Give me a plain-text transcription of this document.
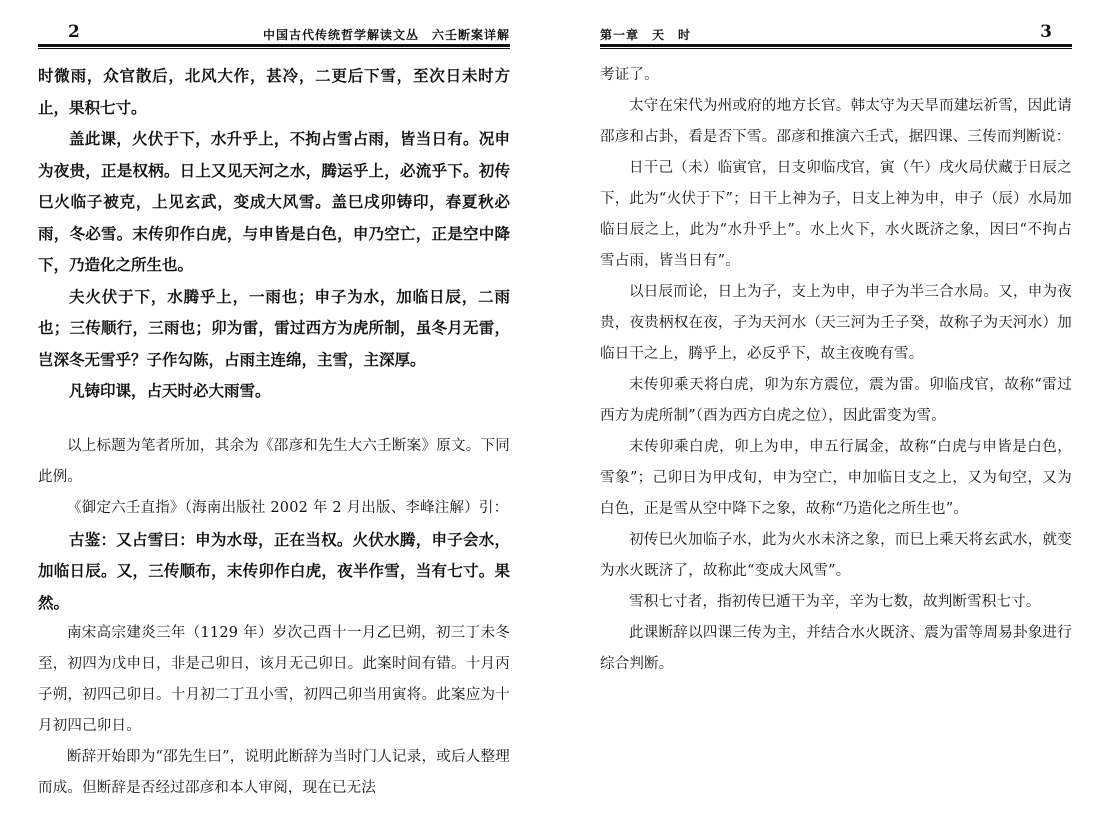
2	中国古代传统哲学解读文丛　六壬断案详解

时微雨，众官散后，北风大作，甚冷，二更后下雪，至次日未时方止，果积七寸。

盖此课，火伏于下，水升乎上，不拘占雪占雨，皆当日有。况申为夜贵，正是权柄。日上又见天河之水，腾运乎上，必流乎下。初传巳火临子被克，上见玄武，变成大风雪。盖巳戌卯铸印，春夏秋必雨，冬必雪。末传卯作白虎，与申皆是白色，申乃空亡，正是空中降下，乃造化之所生也。

夫火伏于下，水腾乎上，一雨也；申子为水，加临日辰，二雨也；三传顺行，三雨也；卯为雷，雷过西方为虎所制，虽冬月无雷，岂深冬无雪乎？子作勾陈，占雨主连绵，主雪，主深厚。

凡铸印课，占天时必大雨雪。

以上标题为笔者所加，其余为《邵彦和先生大六壬断案》原文。下同此例。

《御定六壬直指》（海南出版社 2002 年 2 月出版、李峰注解）引：

古鉴：又占雪曰：申为水母，正在当权。火伏水腾，申子会水，加临日辰。又，三传顺布，末传卯作白虎，夜半作雪，当有七寸。果然。

南宋高宗建炎三年（1129 年）岁次己酉十一月乙巳朔，初三丁未冬至，初四为戊申日，非是己卯日，该月无己卯日。此案时间有错。十月丙子朔，初四己卯日。十月初二丁丑小雪，初四己卯当用寅将。此案应为十月初四己卯日。

断辞开始即为“邵先生曰”，说明此断辞为当时门人记录，或后人整理而成。但断辞是否经过邵彦和本人审阅，现在已无法

第一章　天　时	3

考证了。

太守在宋代为州或府的地方长官。韩太守为天旱而建坛祈雪，因此请邵彦和占卦，看是否下雪。邵彦和推演六壬式，据四课、三传而判断说：

日干己（未）临寅官，日支卯临戌官，寅（午）戌火局伏藏于日辰之下，此为“火伏于下”；日干上神为子，日支上神为申，申子（辰）水局加临日辰之上，此为“水升乎上”。水上火下，水火既济之象，因曰“不拘占雪占雨，皆当日有”。

以日辰而论，日上为子，支上为申，申子为半三合水局。又，申为夜贵，夜贵柄权在夜，子为天河水（天三河为壬子癸，故称子为天河水）加临日干之上，腾乎上，必反乎下，故主夜晚有雪。

末传卯乘天将白虎，卯为东方震位，震为雷。卯临戌官，故称“雷过西方为虎所制”（酉为西方白虎之位），因此雷变为雪。

末传卯乘白虎，卯上为申，申五行属金，故称“白虎与申皆是白色，雪象”；己卯日为甲戌旬，申为空亡，申加临日支之上，又为旬空，又为白色，正是雪从空中降下之象，故称“乃造化之所生也”。

初传巳火加临子水，此为火水未济之象，而巳上乘天将玄武水，就变为水火既济了，故称此“变成大风雪”。

雪积七寸者，指初传巳遁干为辛，辛为七数，故判断雪积七寸。

此课断辞以四课三传为主，并结合水火既济、震为雷等周易卦象进行综合判断。
